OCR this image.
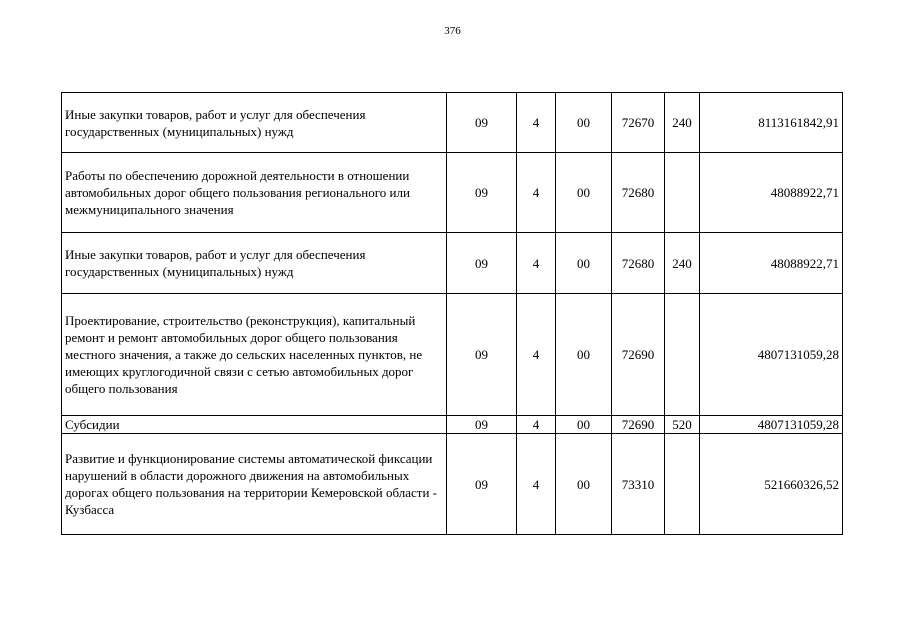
376
Иные закупки товаров, работ и услуг для обеспечения государственных (муниципальных) нужд	09	4	00	72670	240	8113161842,91
Работы по обеспечению дорожной деятельности в отношении автомобильных дорог общего пользования регионального или межмуниципального значения	09	4	00	72680		48088922,71
Иные закупки товаров, работ и услуг для обеспечения государственных (муниципальных) нужд	09	4	00	72680	240	48088922,71
Проектирование, строительство (реконструкция), капитальный ремонт и ремонт автомобильных дорог общего пользования местного значения, а также до сельских населенных пунктов, не имеющих круглогодичной связи с сетью автомобильных дорог общего пользования	09	4	00	72690		4807131059,28
Субсидии	09	4	00	72690	520	4807131059,28
Развитие и функционирование системы автоматической фиксации нарушений в области дорожного движения на автомобильных дорогах общего пользования на территории Кемеровской области - Кузбасса	09	4	00	73310		521660326,52
